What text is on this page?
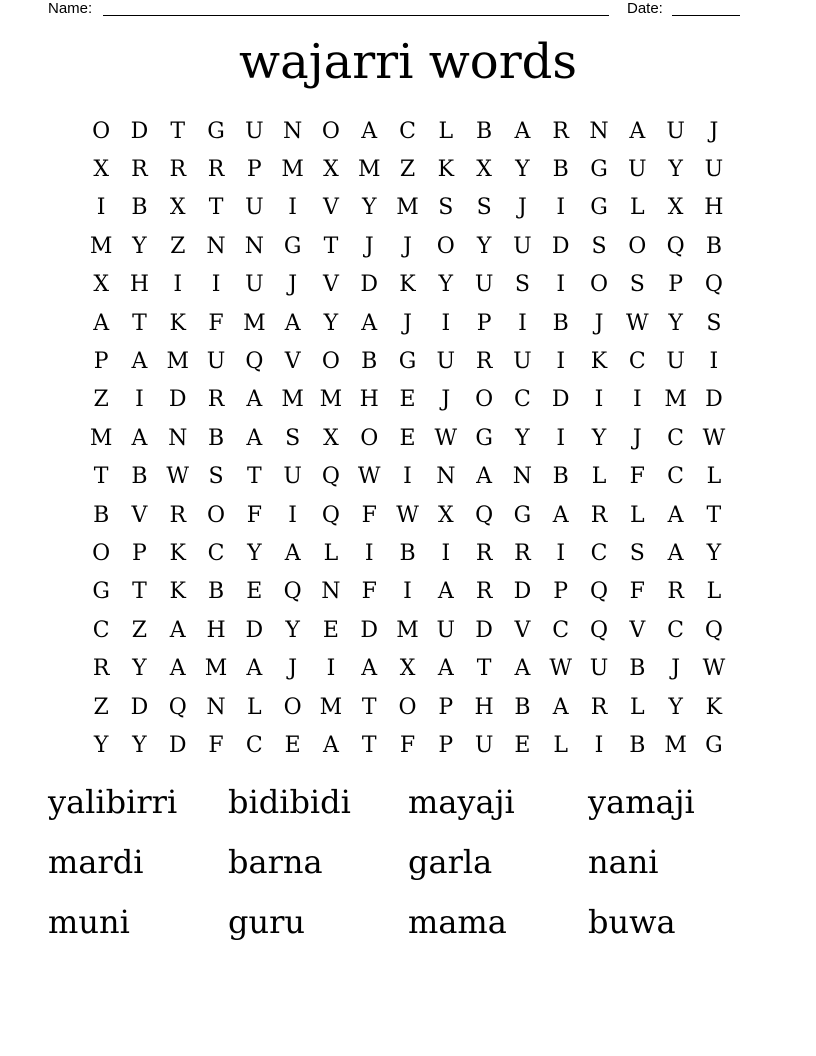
Name:	Date:
wajarri words
O D	T	G U N O A C	L	B	A	R N A U	J
X	R R R	P M X M Z	K	X	Y	B G U Y U
I	B	X	T U	I	V	Y M S	S	J	I	G	L	X H
M Y	Z N N G	T	J	J	O	Y U D S O Q B
X H	I	I	U	J	V D K	Y U S	I	O S	P Q
A	T	K	F M A	Y	A	J	I	P	I	B	J	W Y	S
P	A M U Q V O B G U R U	I	K C U	I
Z	I	D R	A M M H E	J	O C D	I	I	M D
M A N B	A	S	X O E W G	Y	I	Y	J	C W
T	B W S	T U Q W	I	N A N B	L	F	C	L
B	V	R O F	I	Q F W X Q G A	R	L	A	T
O P	K C	Y	A	L	I	B	I	R R	I	C	S	A	Y
G	T	K	B	E Q N F	I	A	R D	P Q F	R	L
C	Z	A H D	Y	E D M U D V C Q V C Q
R	Y	A M A	J	I	A	X	A	T	A W U B	J	W
Z D Q N L O M T O P H B	A	R	L	Y	K
Y	Y	D F	C E	A	T	F	P U E	L	I	B M G
yalibirri	bidibidi	mayaji	yamaji
mardi	barna	garla	nani
muni	guru	mama	buwa
